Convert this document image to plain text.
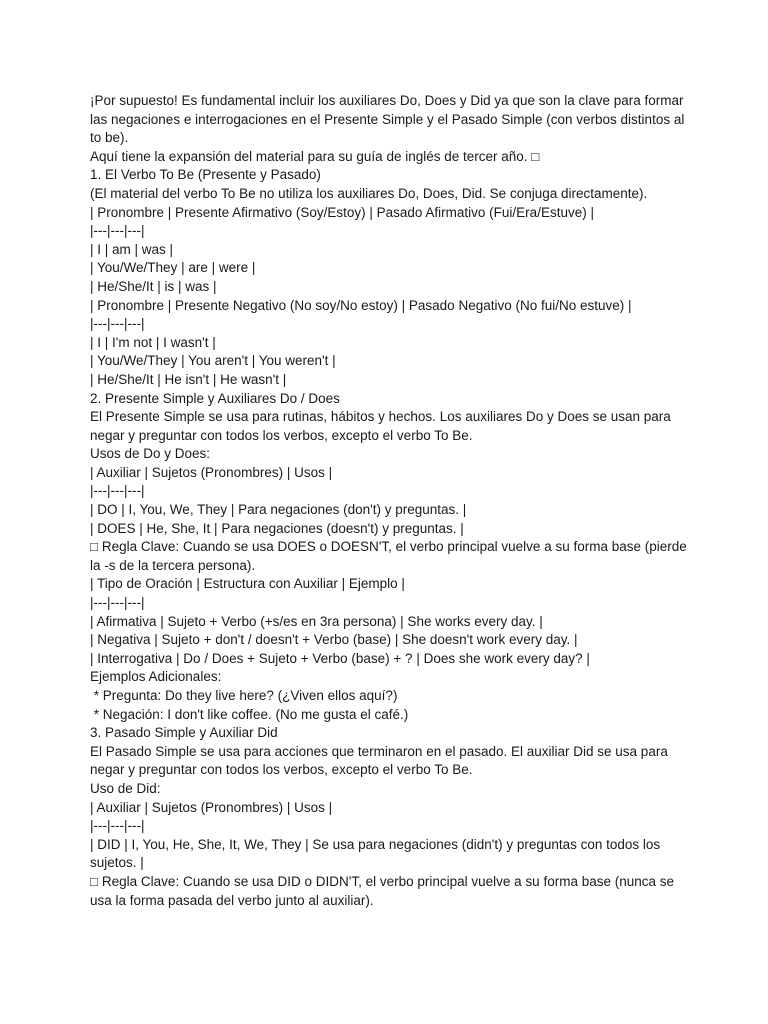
¡Por supuesto! Es fundamental incluir los auxiliares Do, Does y Did ya que son la clave para formar las negaciones e interrogaciones en el Presente Simple y el Pasado Simple (con verbos distintos al to be).

Aquí tiene la expansión del material para su guía de inglés de tercer año. □

1. El Verbo To Be (Presente y Pasado)

(El material del verbo To Be no utiliza los auxiliares Do, Does, Did. Se conjuga directamente).

| Pronombre | Presente Afirmativo (Soy/Estoy) | Pasado Afirmativo (Fui/Era/Estuve) |

|---|---|---|

| I | am | was |

| You/We/They | are | were |

| He/She/It | is | was |

| Pronombre | Presente Negativo (No soy/No estoy) | Pasado Negativo (No fui/No estuve) |

|---|---|---|

| I | I'm not | I wasn't |

| You/We/They | You aren't | You weren't |

| He/She/It | He isn't | He wasn't |

2. Presente Simple y Auxiliares Do / Does

El Presente Simple se usa para rutinas, hábitos y hechos. Los auxiliares Do y Does se usan para negar y preguntar con todos los verbos, excepto el verbo To Be.

Usos de Do y Does:

| Auxiliar | Sujetos (Pronombres) | Usos |

|---|---|---|

| DO | I, You, We, They | Para negaciones (don't) y preguntas. |

| DOES | He, She, It | Para negaciones (doesn't) y preguntas. |

□ Regla Clave: Cuando se usa DOES o DOESN'T, el verbo principal vuelve a su forma base (pierde la -s de la tercera persona).

| Tipo de Oración | Estructura con Auxiliar | Ejemplo |

|---|---|---|

| Afirmativa | Sujeto + Verbo (+s/es en 3ra persona) | She works every day. |

| Negativa | Sujeto + don't / doesn't + Verbo (base) | She doesn't work every day. |

| Interrogativa | Do / Does + Sujeto + Verbo (base) + ? | Does she work every day? |

Ejemplos Adicionales:

* Pregunta: Do they live here? (¿Viven ellos aquí?)

* Negación: I don't like coffee. (No me gusta el café.)

3. Pasado Simple y Auxiliar Did

El Pasado Simple se usa para acciones que terminaron en el pasado. El auxiliar Did se usa para negar y preguntar con todos los verbos, excepto el verbo To Be.

Uso de Did:

| Auxiliar | Sujetos (Pronombres) | Usos |

|---|---|---|

| DID | I, You, He, She, It, We, They | Se usa para negaciones (didn't) y preguntas con todos los sujetos. |

□ Regla Clave: Cuando se usa DID o DIDN'T, el verbo principal vuelve a su forma base (nunca se usa la forma pasada del verbo junto al auxiliar).
